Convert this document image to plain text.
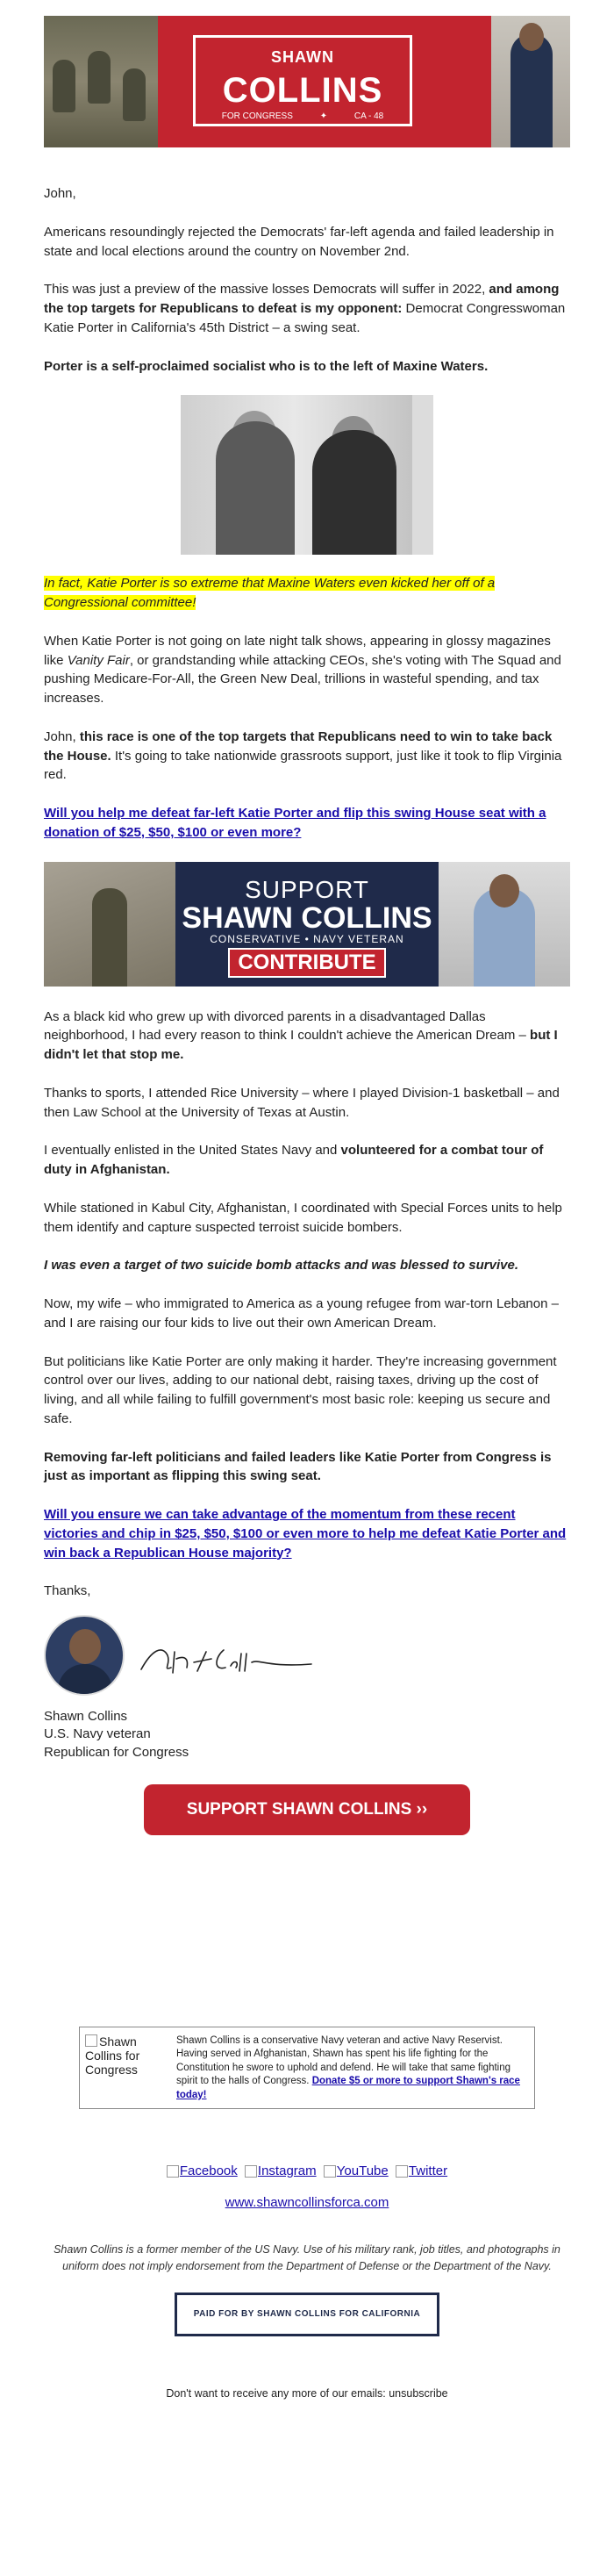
SHAWN
COLLINS
FOR CONGRESS	✦	CA - 48

John,

Americans resoundingly rejected the Democrats' far-left agenda and failed leadership in state and local elections around the country on November 2nd.

This was just a preview of the massive losses Democrats will suffer in 2022, and among the top targets for Republicans to defeat is my opponent: Democrat Congresswoman Katie Porter in California's 45th District – a swing seat.

Porter is a self-proclaimed socialist who is to the left of Maxine Waters.

In fact, Katie Porter is so extreme that Maxine Waters even kicked her off of a Congressional committee!

When Katie Porter is not going on late night talk shows, appearing in glossy magazines like Vanity Fair, or grandstanding while attacking CEOs, she's voting with The Squad and pushing Medicare-For-All, the Green New Deal, trillions in wasteful spending, and tax increases.

John, this race is one of the top targets that Republicans need to win to take back the House. It's going to take nationwide grassroots support, just like it took to flip Virginia red.

Will you help me defeat far-left Katie Porter and flip this swing House seat with a donation of $25, $50, $100 or even more?

SUPPORT
SHAWN COLLINS
CONSERVATIVE • NAVY VETERAN
CONTRIBUTE

As a black kid who grew up with divorced parents in a disadvantaged Dallas neighborhood, I had every reason to think I couldn't achieve the American Dream – but I didn't let that stop me.

Thanks to sports, I attended Rice University – where I played Division-1 basketball – and then Law School at the University of Texas at Austin.

I eventually enlisted in the United States Navy and volunteered for a combat tour of duty in Afghanistan.

While stationed in Kabul City, Afghanistan, I coordinated with Special Forces units to help them identify and capture suspected terroist suicide bombers.

I was even a target of two suicide bomb attacks and was blessed to survive.

Now, my wife – who immigrated to America as a young refugee from war-torn Lebanon – and I are raising our four kids to live out their own American Dream.

But politicians like Katie Porter are only making it harder. They're increasing government control over our lives, adding to our national debt, raising taxes, driving up the cost of living, and all while failing to fulfill government's most basic role: keeping us secure and safe.

Removing far-left politicians and failed leaders like Katie Porter from Congress is just as important as flipping this swing seat.

Will you ensure we can take advantage of the momentum from these recent victories and chip in $25, $50, $100 or even more to help me defeat Katie Porter and win back a Republican House majority?

Thanks,

Shawn Collins
U.S. Navy veteran
Republican for Congress
SUPPORT SHAWN COLLINS ››
Shawn Collins for Congress
Shawn Collins is a conservative Navy veteran and active Navy Reservist. Having served in Afghanistan, Shawn has spent his life fighting for the Constitution he swore to uphold and defend. He will take that same fighting spirit to the halls of Congress. Donate $5 or more to support Shawn's race today!
Facebook Instagram YouTube Twitter
www.shawncollinsforca.com
Shawn Collins is a former member of the US Navy. Use of his military rank, job titles, and photographs in uniform does not imply endorsement from the Department of Defense or the Department of the Navy.
PAID FOR BY SHAWN COLLINS FOR CALIFORNIA
Don't want to receive any more of our emails: unsubscribe
